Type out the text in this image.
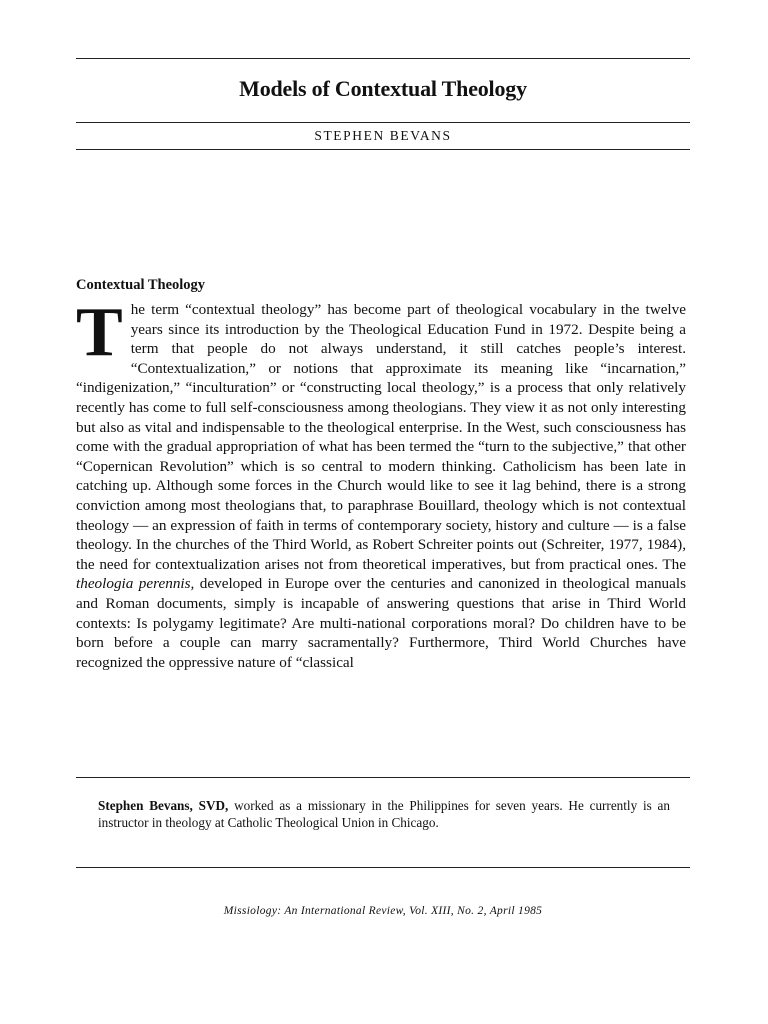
Models of Contextual Theology
STEPHEN BEVANS
Contextual Theology
The term “contextual theology” has become part of theological vocabulary in the twelve years since its introduction by the Theological Education Fund in 1972. Despite being a term that people do not always understand, it still catches people’s interest. “Contextualization,” or notions that approximate its meaning like “incarnation,” “indigenization,” “inculturation” or “constructing local theology,” is a process that only relatively recently has come to full self-consciousness among theologians. They view it as not only interesting but also as vital and indispensable to the theological enterprise. In the West, such consciousness has come with the gradual appropriation of what has been termed the “turn to the subjective,” that other “Copernican Revolution” which is so central to modern thinking. Catholicism has been late in catching up. Although some forces in the Church would like to see it lag behind, there is a strong conviction among most theologians that, to paraphrase Bouillard, theology which is not contextual theology — an expression of faith in terms of contemporary society, history and culture — is a false theology. In the churches of the Third World, as Robert Schreiter points out (Schreiter, 1977, 1984), the need for contextualization arises not from theoretical imperatives, but from practical ones. The theologia perennis, developed in Europe over the centuries and canonized in theological manuals and Roman documents, simply is incapable of answering questions that arise in Third World contexts: Is polygamy legitimate? Are multi-national corporations moral? Do children have to be born before a couple can marry sacramentally? Furthermore, Third World Churches have recognized the oppressive nature of “classical
Stephen Bevans, SVD, worked as a missionary in the Philippines for seven years. He currently is an instructor in theology at Catholic Theological Union in Chicago.
Missiology: An International Review, Vol. XIII, No. 2, April 1985
